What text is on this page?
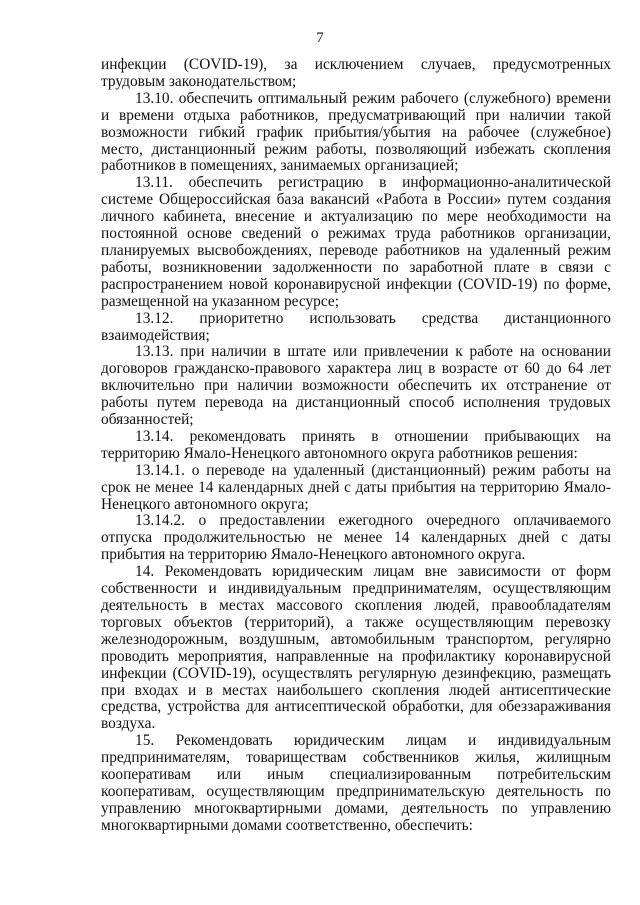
7

инфекции (COVID-19), за исключением случаев, предусмотренных трудовым законодательством;

13.10. обеспечить оптимальный режим рабочего (служебного) времени и времени отдыха работников, предусматривающий при наличии такой возможности гибкий график прибытия/убытия на рабочее (служебное) место, дистанционный режим работы, позволяющий избежать скопления работников в помещениях, занимаемых организацией;

13.11. обеспечить регистрацию в информационно-аналитической системе Общероссийская база вакансий «Работа в России» путем создания личного кабинета, внесение и актуализацию по мере необходимости на постоянной основе сведений о режимах труда работников организации, планируемых высвобождениях, переводе работников на удаленный режим работы, возникновении задолженности по заработной плате в связи с распространением новой коронавирусной инфекции (COVID-19) по форме, размещенной на указанном ресурсе;

13.12. приоритетно использовать средства дистанционного взаимодействия;

13.13. при наличии в штате или привлечении к работе на основании договоров гражданско-правового характера лиц в возрасте от 60 до 64 лет включительно при наличии возможности обеспечить их отстранение от работы путем перевода на дистанционный способ исполнения трудовых обязанностей;

13.14. рекомендовать принять в отношении прибывающих на территорию Ямало-Ненецкого автономного округа работников решения:

13.14.1. о переводе на удаленный (дистанционный) режим работы на срок не менее 14 календарных дней с даты прибытия на территорию Ямало-Ненецкого автономного округа;

13.14.2. о предоставлении ежегодного очередного оплачиваемого отпуска продолжительностью не менее 14 календарных дней с даты прибытия на территорию Ямало-Ненецкого автономного округа.

14. Рекомендовать юридическим лицам вне зависимости от форм собственности и индивидуальным предпринимателям, осуществляющим деятельность в местах массового скопления людей, правообладателям торговых объектов (территорий), а также осуществляющим перевозку железнодорожным, воздушным, автомобильным транспортом, регулярно проводить мероприятия, направленные на профилактику коронавирусной инфекции (COVID-19), осуществлять регулярную дезинфекцию, размещать при входах и в местах наибольшего скопления людей антисептические средства, устройства для антисептической обработки, для обеззараживания воздуха.

15. Рекомендовать юридическим лицам и индивидуальным предпринимателям, товариществам собственников жилья, жилищным кооперативам или иным специализированным потребительским кооперативам, осуществляющим предпринимательскую деятельность по управлению многоквартирными домами, деятельность по управлению многоквартирными домами соответственно, обеспечить:
